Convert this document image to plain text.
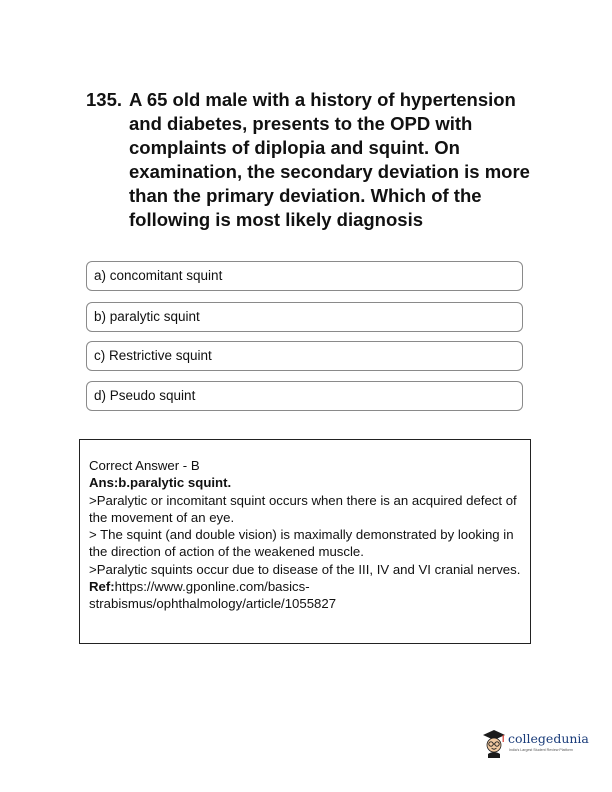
135. A 65 old male with a history of hypertension and diabetes, presents to the OPD with complaints of diplopia and squint. On examination, the secondary deviation is more than the primary deviation. Which of the following is most likely diagnosis
a) concomitant squint
b) paralytic squint
c) Restrictive squint
d) Pseudo squint

Correct Answer - B

Ans:b.paralytic squint.

>Paralytic or incomitant squint occurs when there is an acquired defect of the movement of an eye.

> The squint (and double vision) is maximally demonstrated by looking in the direction of action of the weakened muscle.

>Paralytic squints occur due to disease of the III, IV and VI cranial nerves.

Ref:https://www.gponline.com/basics-strabismus/ophthalmology/article/1055827

collegedunia
India's Largest Student Review Platform
